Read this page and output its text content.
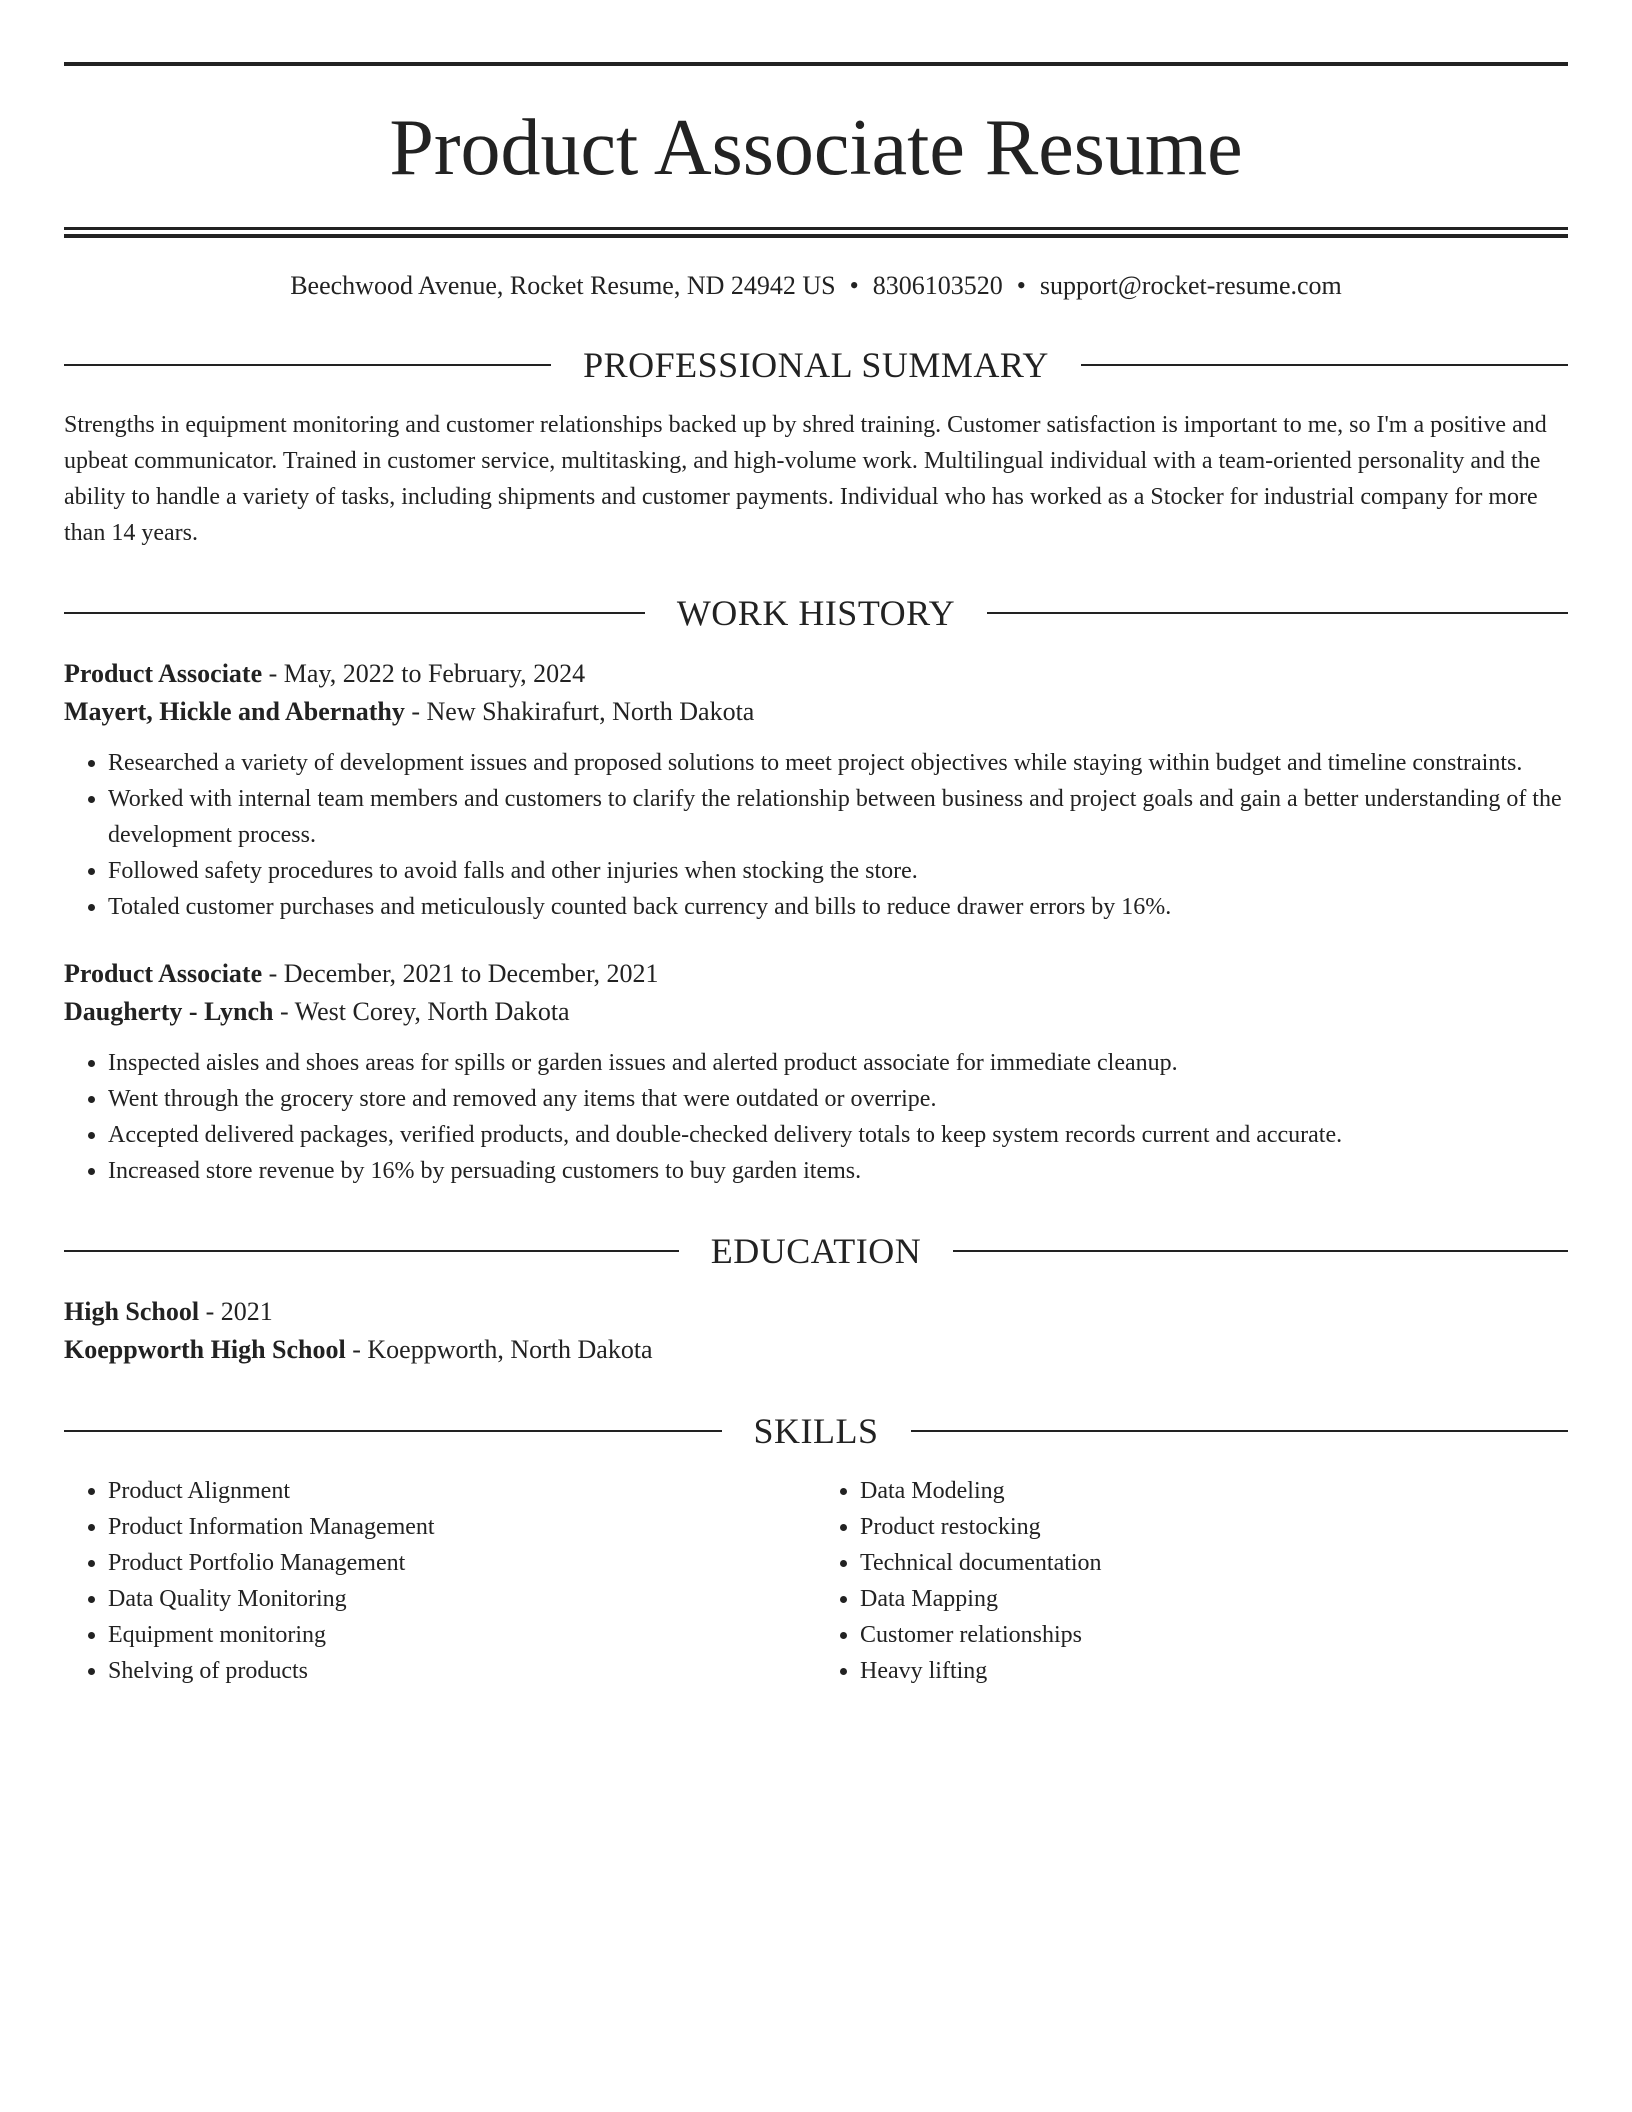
Product Associate Resume
Beechwood Avenue, Rocket Resume, ND 24942 US • 8306103520 • support@rocket-resume.com
PROFESSIONAL SUMMARY

Strengths in equipment monitoring and customer relationships backed up by shred training. Customer satisfaction is important to me, so I'm a positive and upbeat communicator. Trained in customer service, multitasking, and high-volume work. Multilingual individual with a team-oriented personality and the ability to handle a variety of tasks, including shipments and customer payments. Individual who has worked as a Stocker for industrial company for more than 14 years.

WORK HISTORY
Product Associate - May, 2022 to February, 2024
Mayert, Hickle and Abernathy - New Shakirafurt, North Dakota
• Researched a variety of development issues and proposed solutions to meet project objectives while staying within budget and timeline constraints.
• Worked with internal team members and customers to clarify the relationship between business and project goals and gain a better understanding of the development process.
• Followed safety procedures to avoid falls and other injuries when stocking the store.
• Totaled customer purchases and meticulously counted back currency and bills to reduce drawer errors by 16%.
Product Associate - December, 2021 to December, 2021
Daugherty - Lynch - West Corey, North Dakota
• Inspected aisles and shoes areas for spills or garden issues and alerted product associate for immediate cleanup.
• Went through the grocery store and removed any items that were outdated or overripe.
• Accepted delivered packages, verified products, and double-checked delivery totals to keep system records current and accurate.
• Increased store revenue by 16% by persuading customers to buy garden items.
EDUCATION
High School - 2021
Koeppworth High School - Koeppworth, North Dakota
SKILLS
• Product Alignment
• Product Information Management
• Product Portfolio Management
• Data Quality Monitoring
• Equipment monitoring
• Shelving of products
• Data Modeling
• Product restocking
• Technical documentation
• Data Mapping
• Customer relationships
• Heavy lifting
